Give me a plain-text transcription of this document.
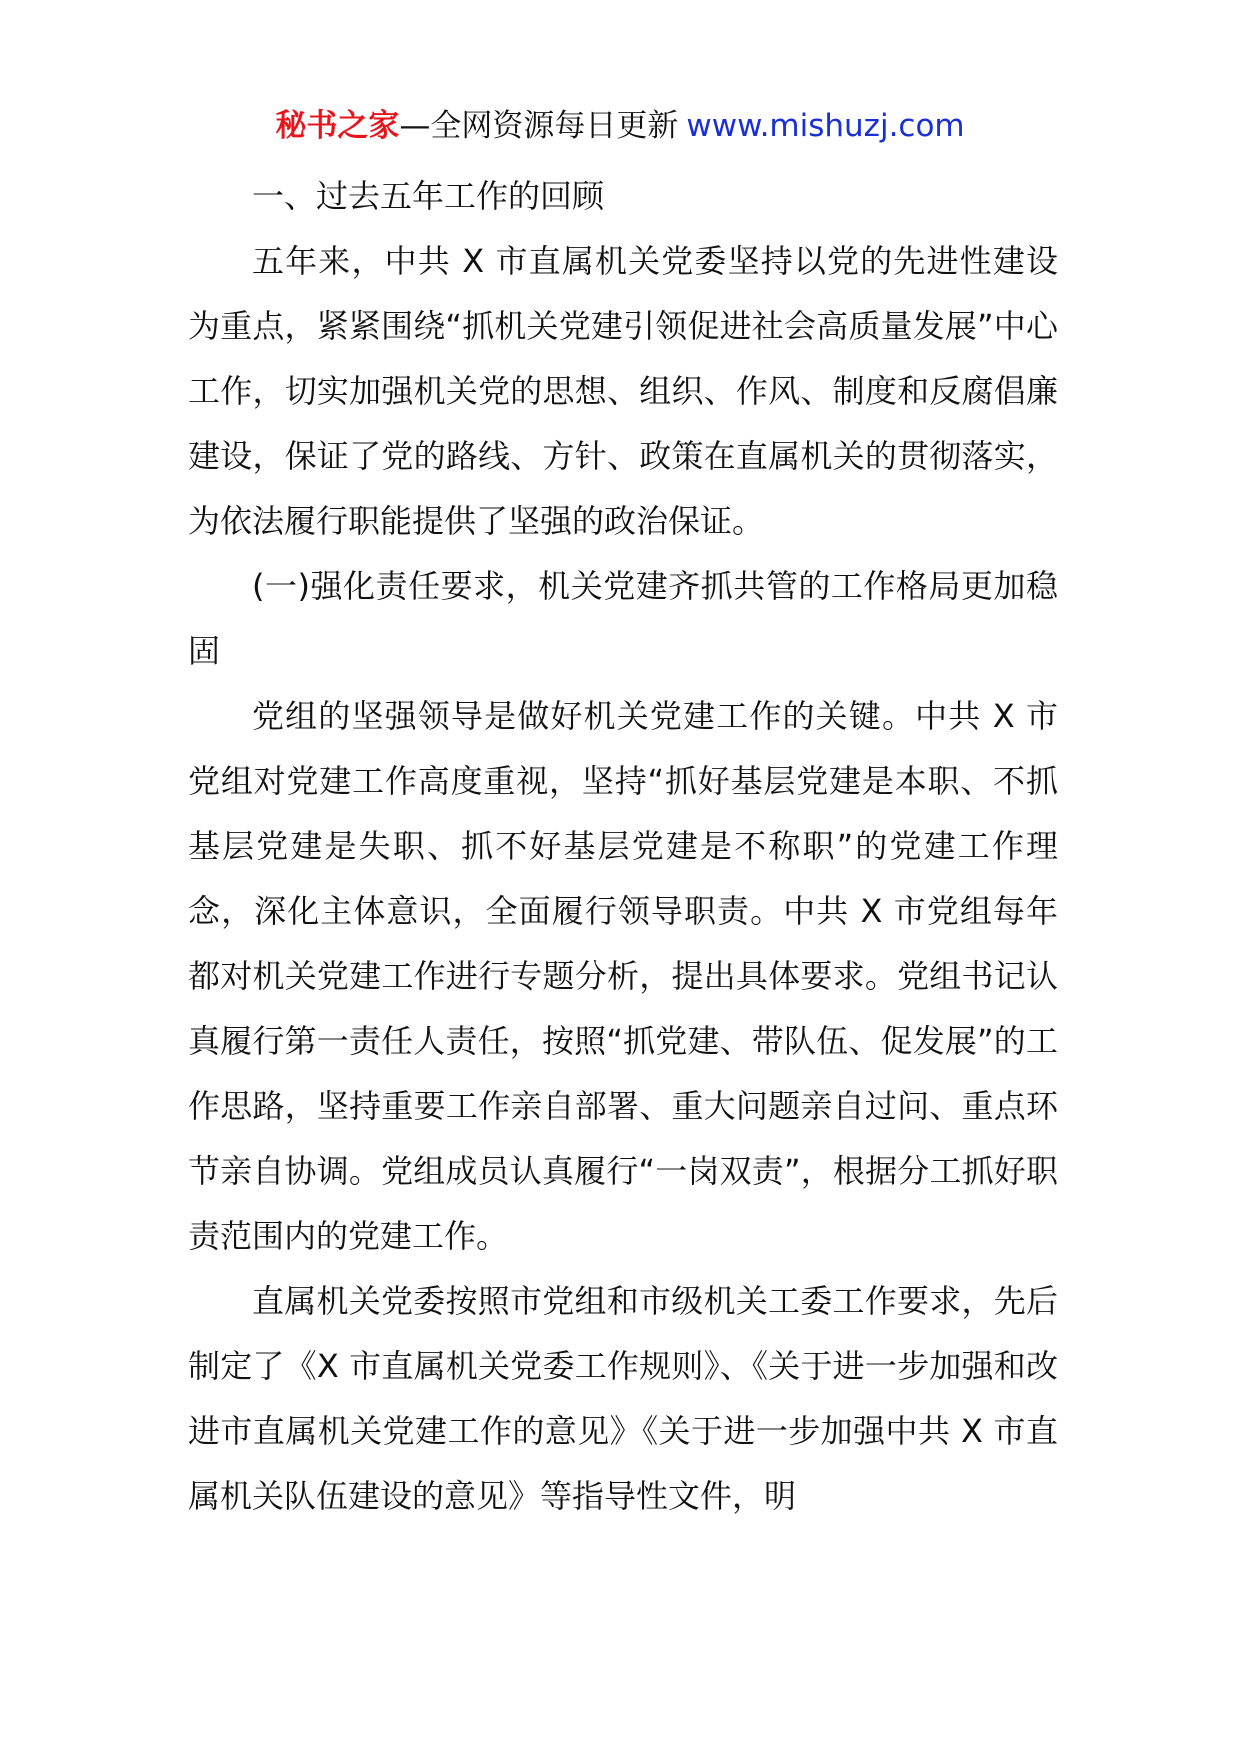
秘书之家—全网资源每日更新 www.mishuzj.com

一、过去五年工作的回顾

五年来，中共 X 市直属机关党委坚持以党的先进性建设为重点，紧紧围绕“抓机关党建引领促进社会高质量发展”中心工作，切实加强机关党的思想、组织、作风、制度和反腐倡廉建设，保证了党的路线、方针、政策在直属机关的贯彻落实，为依法履行职能提供了坚强的政治保证。

(一)强化责任要求，机关党建齐抓共管的工作格局更加稳固

党组的坚强领导是做好机关党建工作的关键。中共 X 市党组对党建工作高度重视，坚持“抓好基层党建是本职、不抓基层党建是失职、抓不好基层党建是不称职”的党建工作理念，深化主体意识，全面履行领导职责。中共 X 市党组每年都对机关党建工作进行专题分析，提出具体要求。党组书记认真履行第一责任人责任，按照“抓党建、带队伍、促发展”的工作思路，坚持重要工作亲自部署、重大问题亲自过问、重点环节亲自协调。党组成员认真履行“一岗双责”，根据分工抓好职责范围内的党建工作。

直属机关党委按照市党组和市级机关工委工作要求，先后制定了《X 市直属机关党委工作规则》、《关于进一步加强和改进市直属机关党建工作的意见》《关于进一步加强中共 X 市直属机关队伍建设的意见》等指导性文件，明
